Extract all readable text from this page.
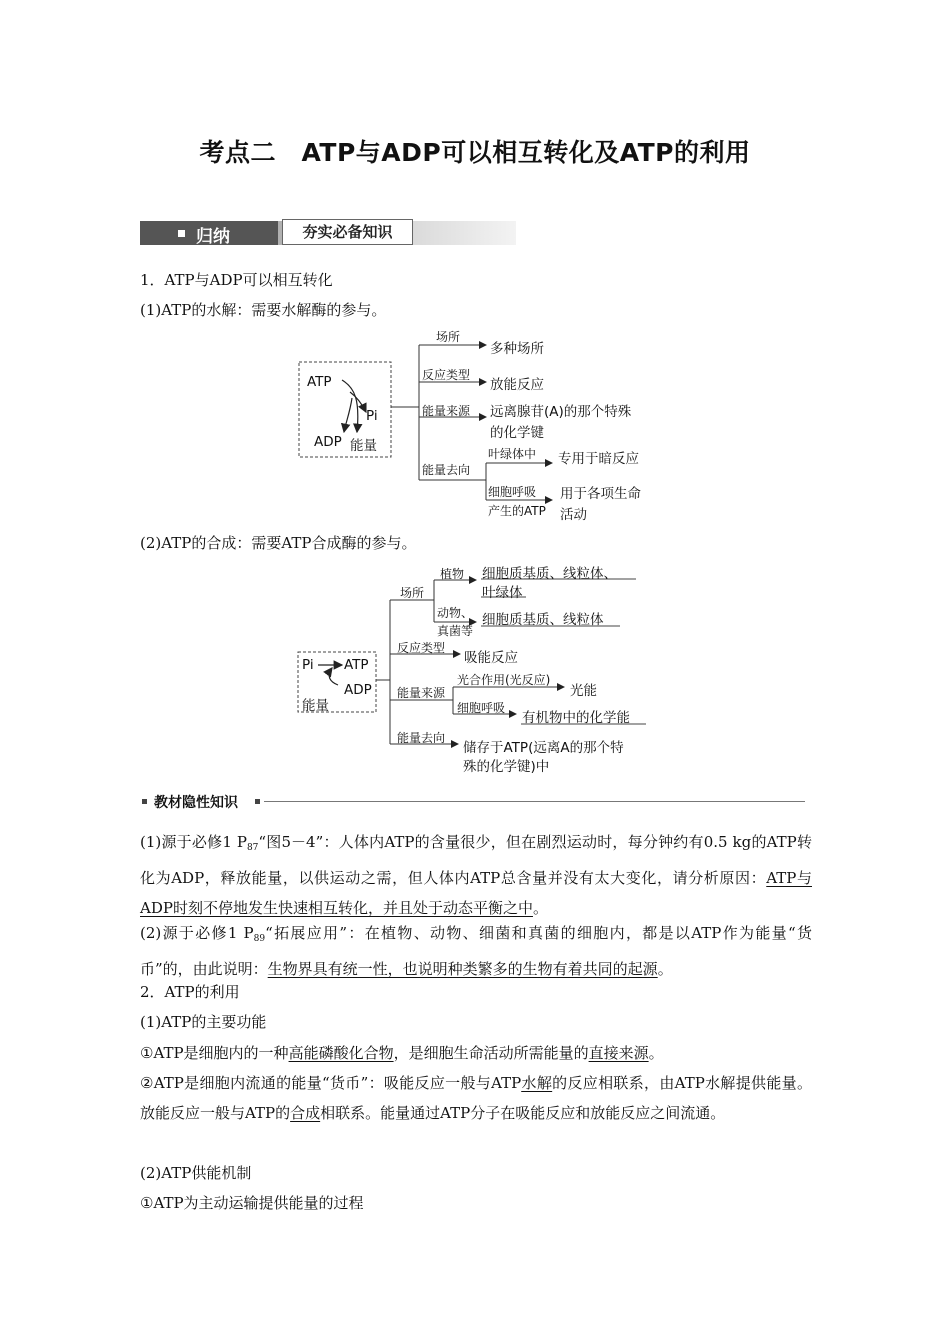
考点二　ATP与ADP可以相互转化及ATP的利用
归纳	夯实必备知识
1．ATP与ADP可以相互转化
(1)ATP的水解：需要水解酶的参与。
ATP
Pi
ADP 能量
场所
多种场所
反应类型
放能反应
能量来源 远离腺苷(A)的那个特殊
的化学键
能量去向
叶绿体中 专用于暗反应
细胞呼吸
产生的ATP
用于各项生命
活动
(2)ATP的合成：需要ATP合成酶的参与。
Pi ATP
ADP
能量
场所
植物 细胞质基质、线粒体、
叶绿体
动物、
真菌等
细胞质基质、线粒体
反应类型
吸能反应
能量来源
光合作用(光反应)
光能
细胞呼吸
有机物中的化学能
能量去向
储存于ATP(远离A的那个特
殊的化学键)中
教材隐性知识
(1)源于必修1 $P_{87}“$图5－4”：人体内ATP的含量很少，但在剧烈运动时，每分钟约有0.5 kg的ATP转化为ADP，释放能量，以供运动之需，但人体内ATP总含量并没有太大变化，请分析原因：ATP与ADP时刻不停地发生快速相互转化，并且处于动态平衡之中。
(2)源于必修1 $P_{89}“$拓展应用”：在植物、动物、细菌和真菌的细胞内，都是以ATP作为能量“货币”的，由此说明：生物界具有统一性，也说明种类繁多的生物有着共同的起源。
2．ATP的利用
(1)ATP的主要功能
①ATP是细胞内的一种高能磷酸化合物，是细胞生命活动所需能量的直接来源。
②ATP是细胞内流通的能量“货币”：吸能反应一般与ATP水解的反应相联系，由ATP水解提供能量。放能反应一般与ATP的合成相联系。能量通过ATP分子在吸能反应和放能反应之间流通。
(2)ATP供能机制
①ATP为主动运输提供能量的过程
